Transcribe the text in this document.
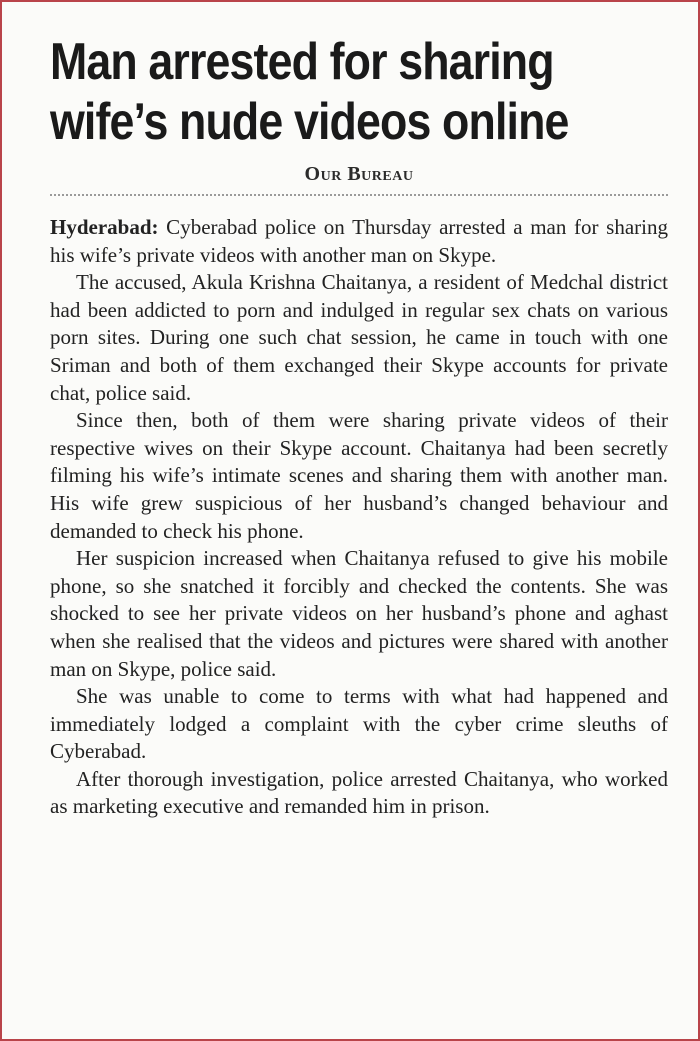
Man arrested for sharing
wife’s nude videos online
Our Bureau

Hyderabad: Cyberabad police on Thursday arrested a man for sharing his wife’s private videos with another man on Skype.

The accused, Akula Krishna Chaitanya, a resident of Medchal district had been addicted to porn and indulged in regular sex chats on various porn sites. During one such chat session, he came in touch with one Sriman and both of them exchanged their Skype accounts for private chat, police said.

Since then, both of them were sharing private videos of their respective wives on their Skype account. Chaitanya had been secretly filming his wife’s intimate scenes and sharing them with another man. His wife grew suspicious of her husband’s changed behaviour and demanded to check his phone.

Her suspicion increased when Chaitanya refused to give his mobile phone, so she snatched it forcibly and checked the contents. She was shocked to see her private videos on her husband’s phone and aghast when she realised that the videos and pictures were shared with another man on Skype, police said.

She was unable to come to terms with what had happened and immediately lodged a complaint with the cyber crime sleuths of Cyberabad.

After thorough investigation, police arrested Chaitanya, who worked as marketing executive and remanded him in prison.
